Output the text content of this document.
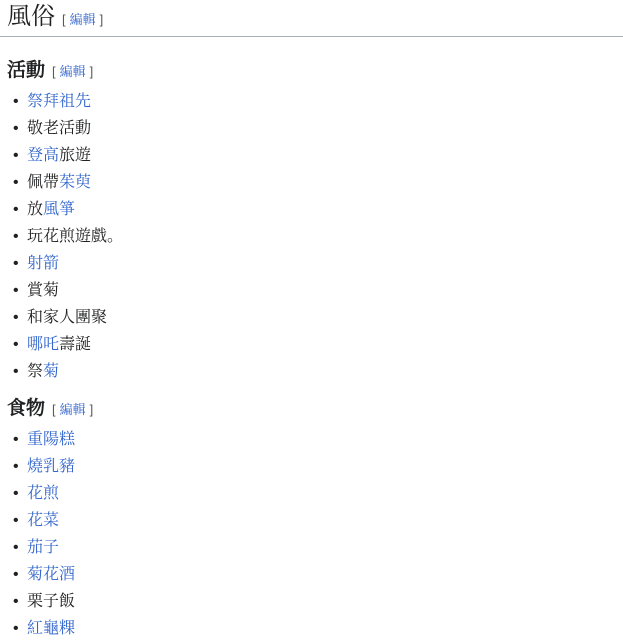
風俗 [ 編輯 ]
活動 [ 編輯 ]
• 祭拜祖先
• 敬老活動
• 登高旅遊
• 佩帶茱萸
• 放風箏
• 玩花煎遊戲。
• 射箭
• 賞菊
• 和家人團聚
• 哪吒壽誕
• 祭菊
食物 [ 編輯 ]
• 重陽糕
• 燒乳豬
• 花煎
• 花菜
• 茄子
• 菊花酒
• 栗子飯
• 紅龜粿
